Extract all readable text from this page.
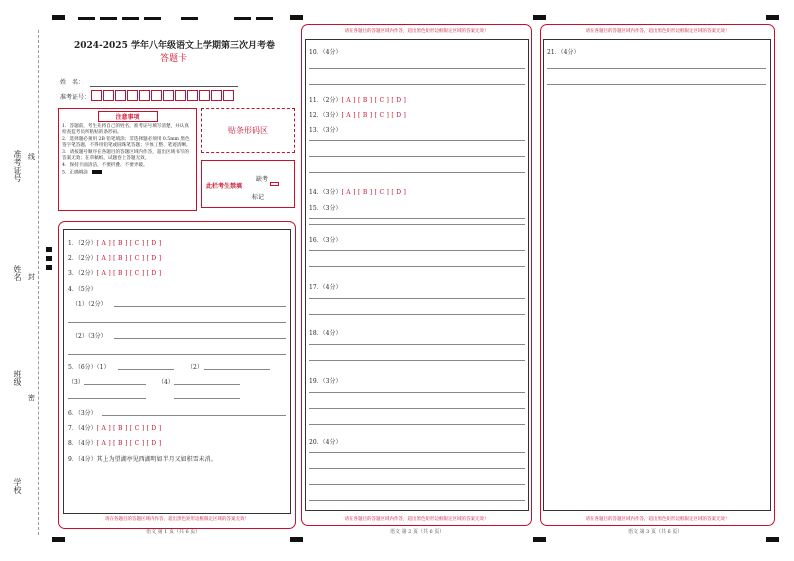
准考证号 线
姓名 封
班级
密
学校
2024-2025 学年八年级语文上学期第三次月考卷
答题卡
姓　名：
准考证号：
注意事项
1．答题前，考生先将自己的姓名，准考证号填写清楚，并认真检查监考员所粘贴的条形码。
2．选择题必须用 2B 铅笔填涂；非选择题必须用 0.5mm 黑色签字笔答题，不得用铅笔或圆珠笔答题；字体工整、笔迹清晰。
3．请按题号顺序在各题目的答题区域内作答，超出区域书写的答案无效；在草稿纸、试题卷上答题无效。
4．保持卡面清洁，不要折叠、不要弄破。
5．正确填涂
贴条形码区
此栏考生禁填
缺考
标记
1．（2分）[ A ] [ B ] [ C ] [ D ]
2．（2分）[ A ] [ B ] [ C ] [ D ]
3．（2分）[ A ] [ B ] [ C ] [ D ]
4．（5分）
（1）（2分）
（2）（3分）
5．（6分）（1）	（2）
（3）	（4）
6．（3分）
7．（4分）[ A ] [ B ] [ C ] [ D ]
8．（4分）[ A ] [ B ] [ C ] [ D ]
9．（4分）其上为望湖亭见西湖明如半月又如积雪未消。
请在各题目的答题区域内作答，超出黑色矩形边框限定区域的答案无效！
语文 第 1 页（共 6 页）
请在各题目的答题区域内作答，超出黑色矩形边框限定区域的答案无效！
10．（4分）
11．（2分）[ A ] [ B ] [ C ] [ D ]
12．（3分）[ A ] [ B ] [ C ] [ D ]
13．（3分）
14．（3分）[ A ] [ B ] [ C ] [ D ]
15．（3分）
16．（3分）
17．（4分）
18．（4分）
19．（3分）
20．（4分）
请在各题目的答题区域内作答，超出黑色矩形边框限定区域的答案无效！
语文 第 2 页（共 6 页）
请在各题目的答题区域内作答，超出黑色矩形边框限定区域的答案无效！
21．（4分）
请在各题目的答题区域内作答，超出黑色矩形边框限定区域的答案无效！
语文 第 3 页（共 6 页）
